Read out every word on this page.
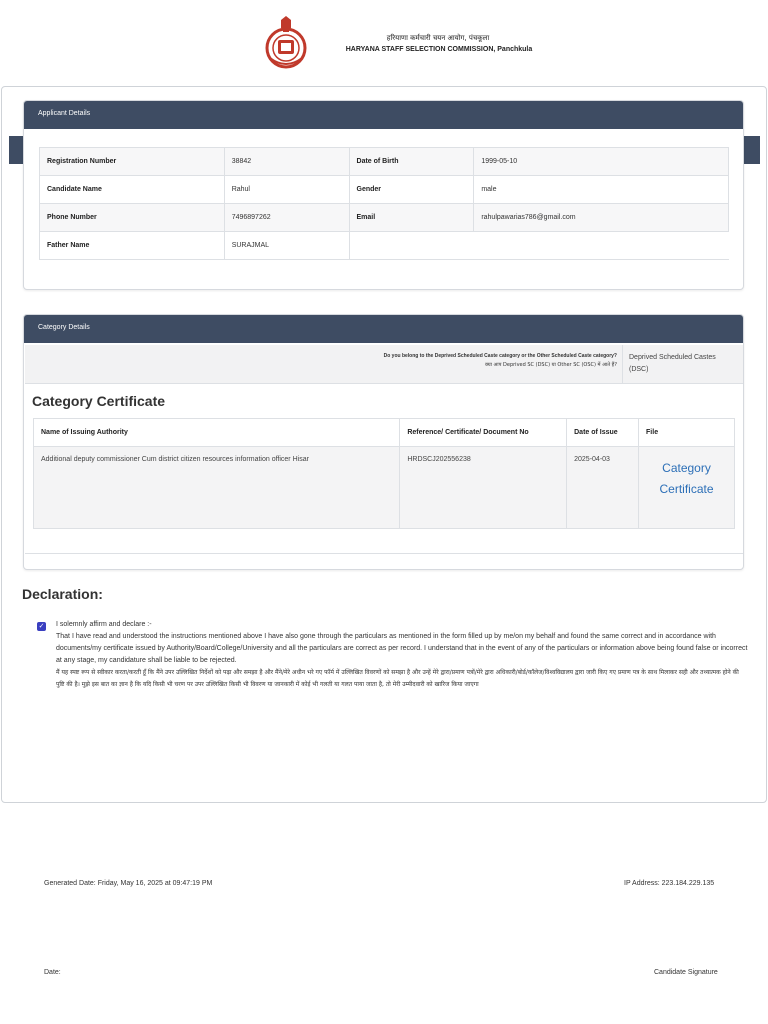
हरियाणा कर्मचारी चयन आयोग, पंचकूला
HARYANA STAFF SELECTION COMMISSION, Panchkula
Applicant Details
Registration Number	38842	Date of Birth	1999-05-10
Candidate Name	Rahul	Gender	male
Phone Number	7496897262	Email	rahulpawarias786@gmail.com
Father Name	SURAJMAL		
Category Details
Do you belong to the Deprived Scheduled Caste category or the Other Scheduled Caste category?
क्या आप Deprived SC (DSC) या Other SC (OSC) में आते हैं?
Deprived Scheduled Castes (DSC)
Category Certificate
Name of Issuing Authority	Reference/ Certificate/ Document No	Date of Issue	File
Additional deputy commissioner Cum district citizen resources information officer Hisar	HRDSCJ202556238	2025-04-03	Category Certificate
Declaration:
✓ I solemnly affirm and declare :-
That I have read and understood the instructions mentioned above I have also gone through the particulars as mentioned in the form filled up by me/on my behalf and found the same correct and in accordance with documents/my certificate issued by Authority/Board/College/University and all the particulars are correct as per record. I understand that in the event of any of the particulars or information above being found false or incorrect at any stage, my candidature shall be liable to be rejected.
मैं यह स्पष्ट रूप से स्वीकार करता/करती हूँ कि मैंने उपर उल्लिखित निर्देशों को पढ़ा और समझा है और मैंने/मेरे अधीन भरे गए फॉर्म में उल्लिखित विवरणों को समझा है और उन्हें मेरे द्वारा/प्रमाण पत्रों/मेरे द्वारा अधिकारी/बोर्ड/कॉलेज/विश्वविद्यालय द्वारा जारी किए गए प्रमाण पत्र के साथ मिलाकर सही और तथ्यात्मक होने की पुष्टि की है। मुझे इस बात का ज्ञान है कि यदि किसी भी चरण पर उपर उल्लिखित किसी भी विवरण या जानकारी में कोई भी गलती या गलत पाया जाता है, तो मेरी उम्मीदवारी को खारिज किया जाएगा
Generated Date: Friday, May 16, 2025 at 09:47:19 PM	IP Address: 223.184.229.135
Date:	Candidate Signature
